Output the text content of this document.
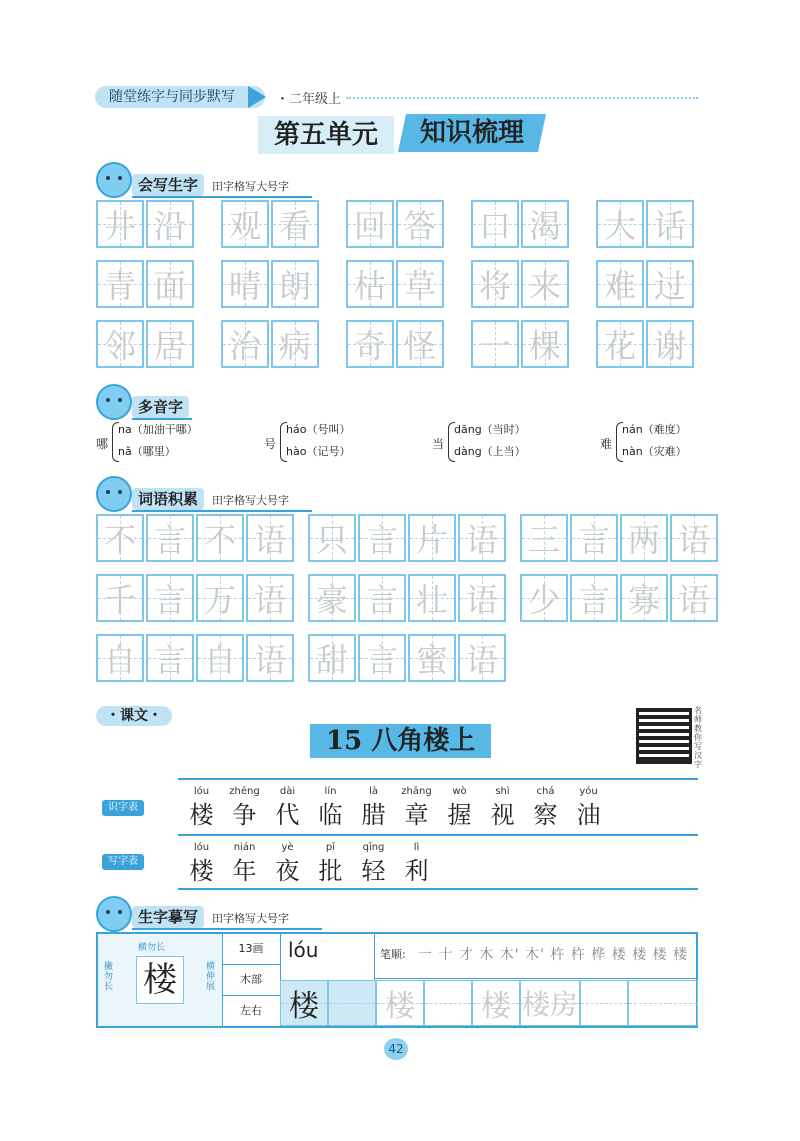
随堂练字与同步默写	・二年级上
第五单元	知识梳理
会写生字 田字格写大号字
多音字
哪
na（加油干哪）
nǎ（哪里）
号
háo（号叫）
hào（记号）
当
dāng（当时）
dàng（上当）
难
nán（难度）
nàn（灾难）
词语积累 田字格写大号字
・课文・
15 八角楼上
名师教你写汉字
识字表
lóu
楼
zhēng
争
dài
代
lín
临
là
腊
zhāng
章
wò
握
shì
视
chá
察
yóu
油
写字表
lóu
楼
nián
年
yè
夜
pī
批
qīng
轻
lì
利
生字摹写 田字格写大号字
横勿长
撇勿长
横伸展
楼
13画
木部
左右
lóu	笔顺: 一 十 才 木 木' 木' 杵 杵 桦 楼 楼 楼 楼
楼 楼 楼 楼房
42
井 沿 观 看 回 答 口 渴 大 话
青 面 晴 朗 枯 草 将 来 难 过
邻 居 治 病 奇 怪 一 棵 花 谢
不 言 不 语 只 言 片 语 三 言 两 语
千 言 万 语 豪 言 壮 语 少 言 寡 语
自 言 自 语 甜 言 蜜 语
